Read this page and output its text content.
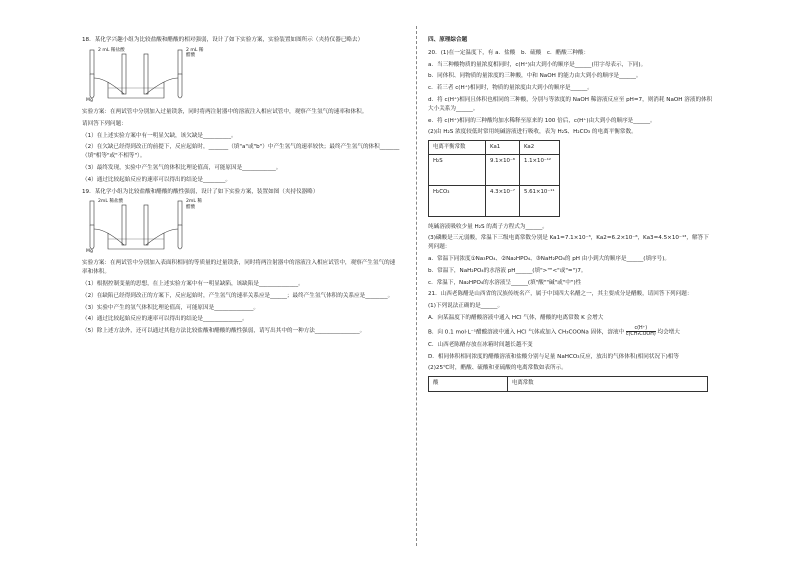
18．某化学兴趣小组为比较盐酸和醋酸的相对强弱，设计了如下实验方案，实验装置如图所示（夹持仪器已略去）

2 mL 稀盐酸	2 mL 稀醋酸
Mg

实验方案：在两试管中分别加入过量镁条，同时将两注射器中的溶液注入相应试管中，观察产生氢气的速率和体积。

请回答下列问题：

（1）在上述实验方案中有一明显欠缺，该欠缺是__________。

（2）在欠缺已经得到改正的前提下，反应起始时，_______（填"a"或"b"）中产生氢气的速率较快；最终产生氢气的体积_______（填"相等"或"不相等"）。

（3）最终发现，实验中产生氢气的体积比理论值高，可能原因是____________。

（4）通过比较起始反应的速率可以得出的结论是________。

19．某化学小组为比较盐酸和醋酸的酸性强弱，设计了如下实验方案，装置如图（夹持仪器略）

2mL 稀盐酸	2mL 稀醋酸
Mg

实验方案：在两试管中分别加入表面积相同的等质量的过量镁条，同时将两注射器中的溶液注入相应试管中，观察产生氢气的速率和体积。

（1）根据控制变量的思想，在上述实验方案中有一明显缺陷，该缺陷是______________。

（2）在缺陷已经得到改正的方案下，反应起始时，产生氢气的速率关系应是______；最终产生氢气体积的关系应是________。

（3）实验中产生的氢气体积比理论值高，可能原因是______________。

（4）通过比较起始反应的速率可以得出的结论是______________。

（5）除上述方法外，还可以通过其他方法比较盐酸和醋酸的酸性强弱，请写出其中的一种方法________________。

四、原理综合题

20．(1)在一定温度下，有 a．盐酸　b．硫酸　c．醋酸三种酸：

a．当三种酸物质的量浓度相同时，c(H⁺)由大到小的顺序是______(用字母表示，下同)。

b．同体积、同物质的量浓度的三种酸，中和 NaOH 的能力由大到小的顺序是______。

c．若三者 c(H⁺)相同时，物质的量浓度由大到小的顺序是______。

d．将 c(H⁺)相同且体积也相同的三种酸，分别与等浓度的 NaOH 稀溶液反应至 pH=7，则消耗 NaOH 溶液的体积大小关系为______。

e．将 c(H⁺)相同的三种酸均加水稀释至原来的 100 倍后，c(H⁺)由大到小的顺序是______。

(2)由 H₂S 浓度较低时常用纯碱溶液进行吸收，表为 H₂S、H₂CO₃ 的电离平衡常数。

电离平衡常数	Ka1	Ka2
H₂S	9.1×10⁻⁸	1.1×10⁻¹²
H₂CO₃	4.3×10⁻⁷	5.61×10⁻¹¹

纯碱溶液吸收少量 H₂S 的离子方程式为______。

(3)磷酸是三元弱酸，常温下三级电离常数分别是 Ka1=7.1×10⁻³，Ka2=6.2×10⁻⁸，Ka3=4.5×10⁻¹³，解答下列问题：

a．常温下同浓度①Na₃PO₄、②Na₂HPO₄、③NaH₂PO₄的 pH 由小到大的顺序是______(填序号)。

b．常温下，NaH₂PO₄的水溶液 pH______(填">""<"或"=")7。

c．常温下，Na₂HPO₄的水溶液呈______(填"酸""碱"或"中")性

21．山西老陈醋是山西省的汉族传统名产，属于中国四大名醋之一，其主要成分是醋酸，请回答下列问题：

(1)下列说法正确的是______。

A．向某温度下的醋酸溶液中通入 HCl 气体，醋酸的电离常数 K 会增大

B．向 0.1 mol·L⁻¹醋酸溶液中通入 HCl 气体或加入 CH₃COONa 固体，溶液中 $\frac{c(H^+)}{\text{c(CH₃COOH)}}$ 均会增大

C．山西老陈醋存放在冰箱时间越长越不变

D．相同体积相同浓度的醋酸溶液和盐酸分别与足量 NaHCO₃反应，放出的气体体积(相同状况下)相等

(2)25℃时，醋酸、硫酸和亚硫酸的电离常数如表所示。

酸	电离常数
